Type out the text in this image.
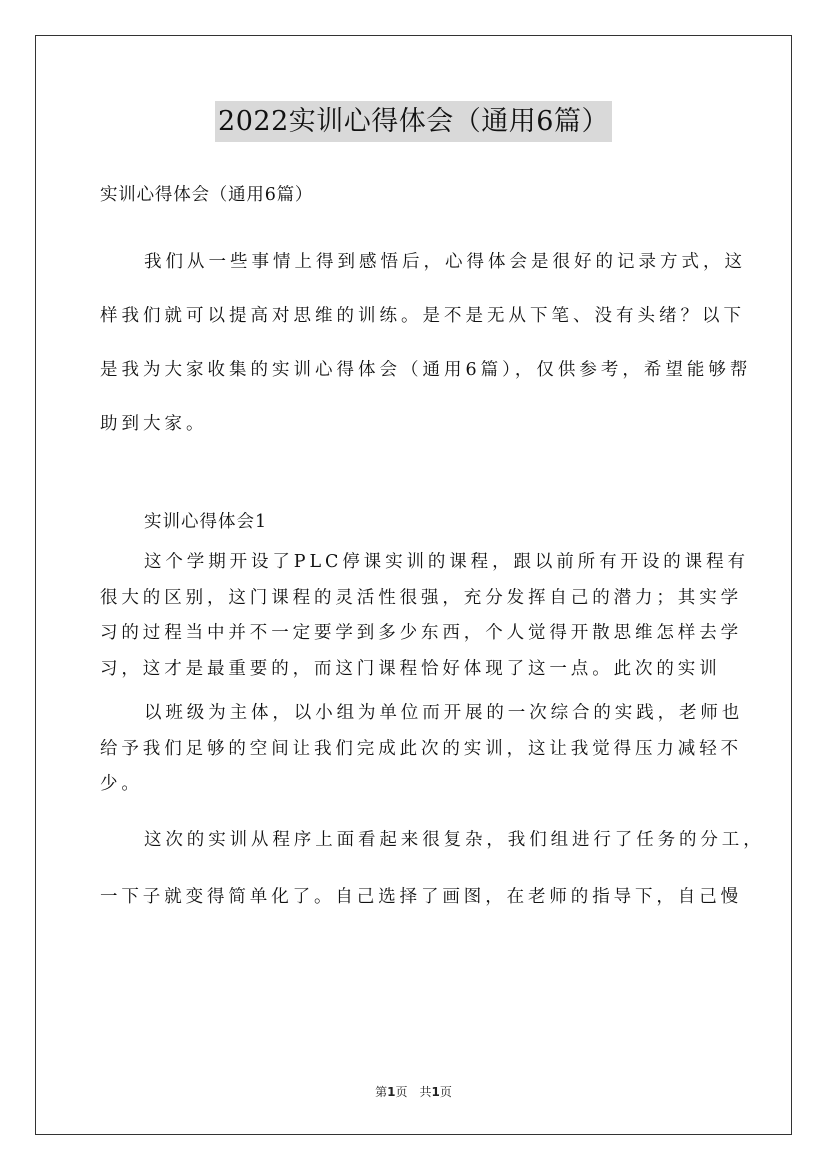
2022实训心得体会（通用6篇）
实训心得体会（通用6篇）
我们从一些事情上得到感悟后，心得体会是很好的记录方式，这
样我们就可以提高对思维的训练。是不是无从下笔、没有头绪？以下
是我为大家收集的实训心得体会（通用6篇），仅供参考，希望能够帮
助到大家。
实训心得体会1
这个学期开设了PLC停课实训的课程，跟以前所有开设的课程有
很大的区别，这门课程的灵活性很强，充分发挥自己的潜力；其实学
习的过程当中并不一定要学到多少东西，个人觉得开散思维怎样去学
习，这才是最重要的，而这门课程恰好体现了这一点。此次的实训
以班级为主体，以小组为单位而开展的一次综合的实践，老师也
给予我们足够的空间让我们完成此次的实训，这让我觉得压力减轻不
少。
这次的实训从程序上面看起来很复杂，我们组进行了任务的分工，
一下子就变得简单化了。自己选择了画图，在老师的指导下，自己慢
第1页　共1页
